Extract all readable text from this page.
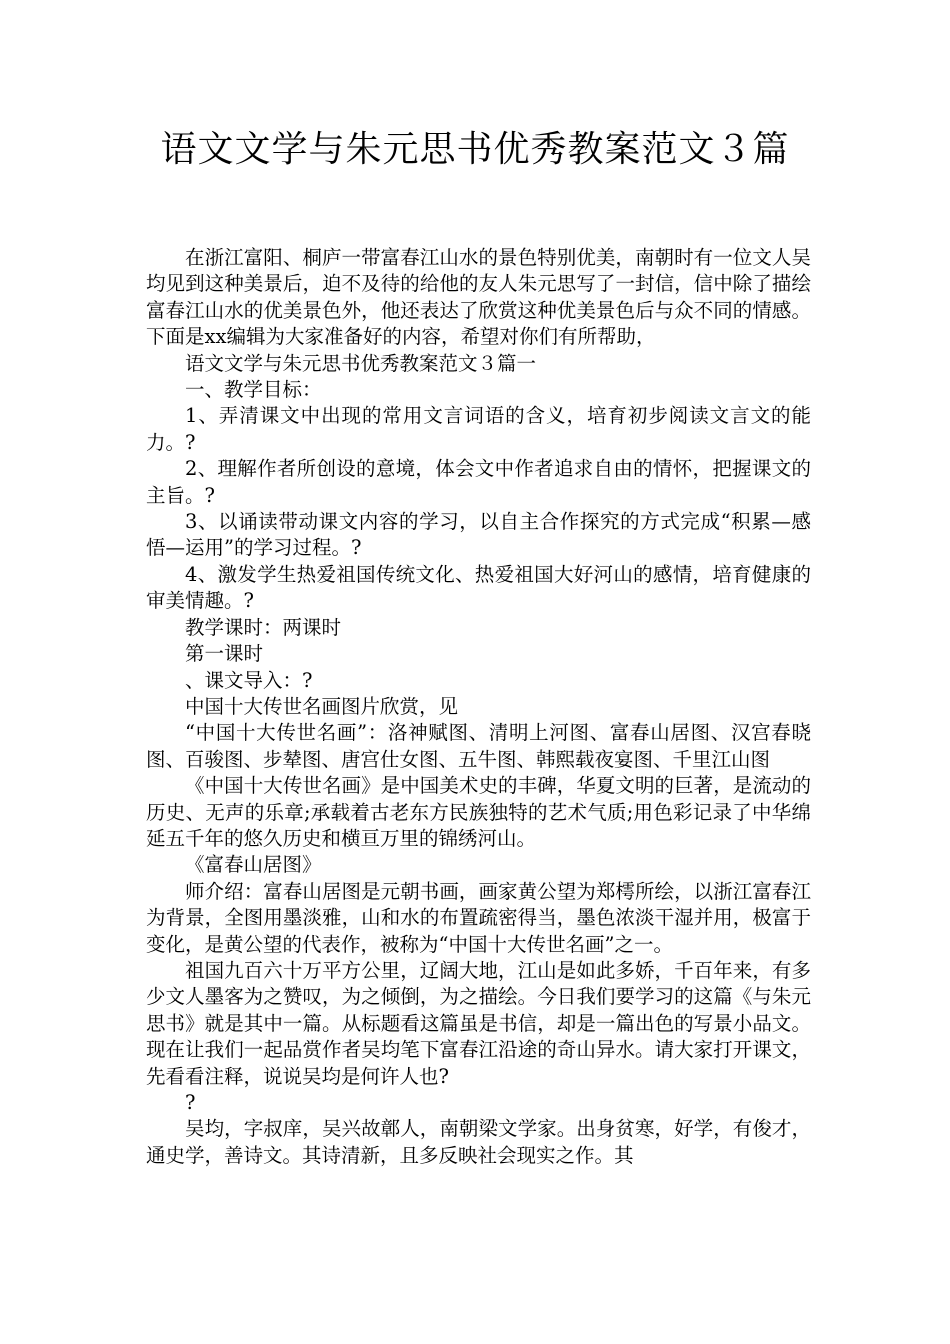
语文文学与朱元思书优秀教案范文３篇

在浙江富阳、桐庐一带富春江山水的景色特别优美，南朝时有一位文人吴均见到这种美景后，迫不及待的给他的友人朱元思写了一封信，信中除了描绘富春江山水的优美景色外，他还表达了欣赏这种优美景色后与众不同的情感。下面是xx编辑为大家准备好的内容，希望对你们有所帮助，

语文文学与朱元思书优秀教案范文３篇一

一、教学目标：

1、弄清课文中出现的常用文言词语的含义，培育初步阅读文言文的能力。?

2、理解作者所创设的意境，体会文中作者追求自由的情怀，把握课文的主旨。?

3、以诵读带动课文内容的学习，以自主合作探究的方式完成“积累—感悟—运用”的学习过程。?

4、激发学生热爱祖国传统文化、热爱祖国大好河山的感情，培育健康的审美情趣。?

教学课时：两课时

第一课时

、课文导入：?

中国十大传世名画图片欣赏，见

“中国十大传世名画”：洛神赋图、清明上河图、富春山居图、汉宫春晓图、百骏图、步辇图、唐宫仕女图、五牛图、韩熙载夜宴图、千里江山图

《中国十大传世名画》是中国美术史的丰碑，华夏文明的巨著，是流动的历史、无声的乐章;承载着古老东方民族独特的艺术气质;用色彩记录了中华绵延五千年的悠久历史和横亘万里的锦绣河山。

《富春山居图》

师介绍：富春山居图是元朝书画，画家黄公望为郑樗所绘，以浙江富春江为背景，全图用墨淡雅，山和水的布置疏密得当，墨色浓淡干湿并用，极富于变化，是黄公望的代表作，被称为“中国十大传世名画”之一。

祖国九百六十万平方公里，辽阔大地，江山是如此多娇，千百年来，有多少文人墨客为之赞叹，为之倾倒，为之描绘。今日我们要学习的这篇《与朱元思书》就是其中一篇。从标题看这篇虽是书信，却是一篇出色的写景小品文。现在让我们一起品赏作者吴均笔下富春江沿途的奇山异水。请大家打开课文，先看看注释，说说吴均是何许人也?

?

吴均，字叔庠，吴兴故鄣人，南朝梁文学家。出身贫寒，好学，有俊才，通史学，善诗文。其诗清新，且多反映社会现实之作。其
